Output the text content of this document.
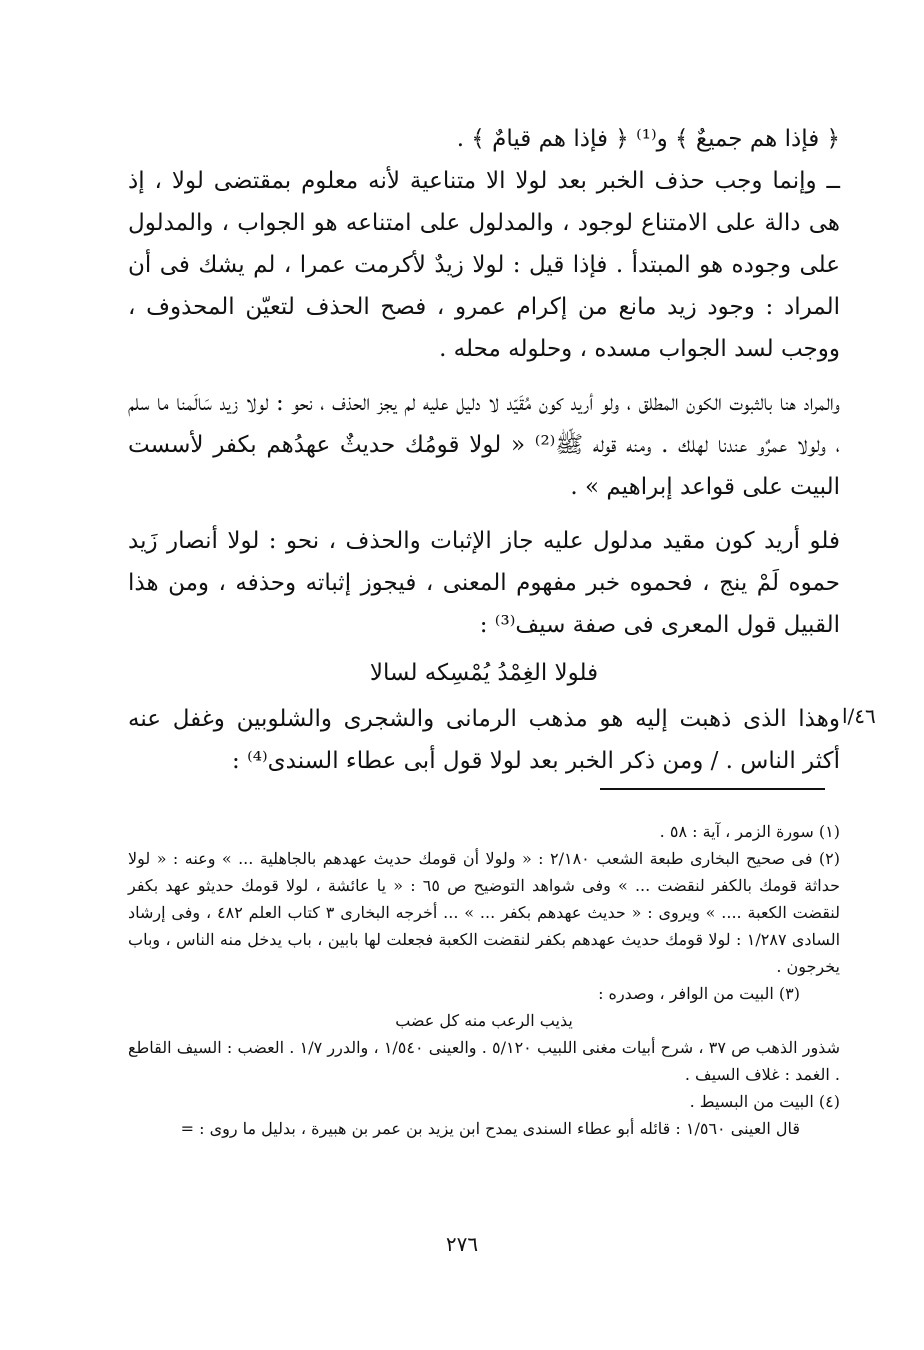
﴿ فإذا هم جميعٌ ﴾ و⁽¹⁾ ﴿ فإذا هم قيامٌ ﴾ .

ــ وإنما وجب حذف الخبر بعد لولا الا متناعية لأنه معلوم بمقتضى لولا ، إذ هى دالة على الامتناع لوجود ، والمدلول على امتناعه هو الجواب ، والمدلول على وجوده هو المبتدأ . فإذا قيل : لولا زيدٌ لأكرمت عمرا ، لم يشك فى أن المراد : وجود زيد مانع من إكرام عمرو ، فصح الحذف لتعيّن المحذوف ، ووجب لسد الجواب مسده ، وحلوله محله .

والمراد هنا بالثبوت الكون المطلق ، ولو أريد كون مُقَيّد لا دليل عليه لم يجز الحذف ، نحو : لولا زيد سَالَمنا ما سلم ، ولولا عمرٌو عندنا لهلك . ومنه قوله ﷺ⁽²⁾ « لولا قومُك حديثٌ عهدُهم بكفر لأسست البيت على قواعد إبراهيم » .

فلو أريد كون مقيد مدلول عليه جاز الإثبات والحذف ، نحو : لولا أنصار زَيد حموه لَمْ ينج ، فحموه خبر مفهوم المعنى ، فيجوز إثباته وحذفه ، ومن هذا القبيل قول المعرى فى صفة سيف⁽³⁾ :

فلولا الغِمْدُ يُمْسِكه لسالا

وهذا الذى ذهبت إليه هو مذهب الرمانى والشجرى والشلوبين وغفل عنه أكثر الناس . / ومن ذكر الخبر بعد لولا قول أبى عطاء السندى⁽⁴⁾ :

٤٦/ا

(١) سورة الزمر ، آية : ٥٨ .

(٢) فى صحيح البخارى طبعة الشعب ٢/١٨٠ : « ولولا أن قومك حديث عهدهم بالجاهلية ... » وعنه : « لولا حداثة قومك بالكفر لنقضت ... » وفى شواهد التوضيح ص ٦٥ : « يا عائشة ، لولا قومك حديثو عهد بكفر لنقضت الكعبة .... » ويروى : « حديث عهدهم بكفر ... » ... أخرجه البخارى ٣ كتاب العلم ٤٨٢ ، وفى إرشاد السادى ١/٢٨٧ : لولا قومك حديث عهدهم بكفر لنقضت الكعبة فجعلت لها بابين ، باب يدخل منه الناس ، وباب يخرجون .

(٣) البيت من الوافر ، وصدره :

يذيب الرعب منه كل عضب

شذور الذهب ص ٣٧ ، شرح أبيات مغنى اللبيب ٥/١٢٠ . والعينى ١/٥٤٠ ، والدرر ١/٧ . العضب : السيف القاطع . الغمد : غلاف السيف .

(٤) البيت من البسيط .

قال العينى ١/٥٦٠ : قائله أبو عطاء السندى يمدح ابن يزيد بن عمر بن هبيرة ، بدليل ما روى : =

٢٧٦
